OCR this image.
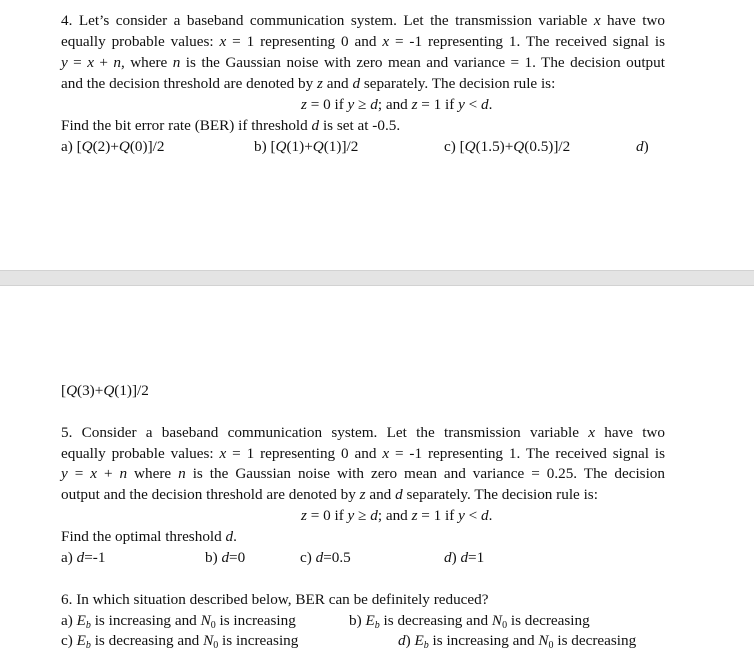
4. Let’s consider a baseband communication system. Let the transmission variable x have two
equally probable values: x = 1 representing 0 and x = -1 representing 1. The received signal is
y = x + n, where n is the Gaussian noise with zero mean and variance = 1. The decision output
and the decision threshold are denoted by z and d separately. The decision rule is:
z = 0 if y ≥ d; and z = 1 if y < d.
Find the bit error rate (BER) if threshold d is set at -0.5.
a) [Q(2)+Q(0)]/2	b) [Q(1)+Q(1)]/2	c) [Q(1.5)+Q(0.5)]/2	d)
[Q(3)+Q(1)]/2
5. Consider a baseband communication system. Let the transmission variable x have two
equally probable values: x = 1 representing 0 and x = -1 representing 1. The received signal is
y = x + n where n is the Gaussian noise with zero mean and variance = 0.25. The decision
output and the decision threshold are denoted by z and d separately. The decision rule is:
z = 0 if y ≥ d; and z = 1 if y < d.
Find the optimal threshold d.
a) d=-1	b) d=0	c) d=0.5	d) d=1
6. In which situation described below, BER can be definitely reduced?
a) $E_b$ is increasing and $N_0$ is increasing	b) $E_b$ is decreasing and $N_0$ is decreasing
c) $E_b$ is decreasing and $N_0$ is increasing	d) $E_b$ is increasing and $N_0$ is decreasing
